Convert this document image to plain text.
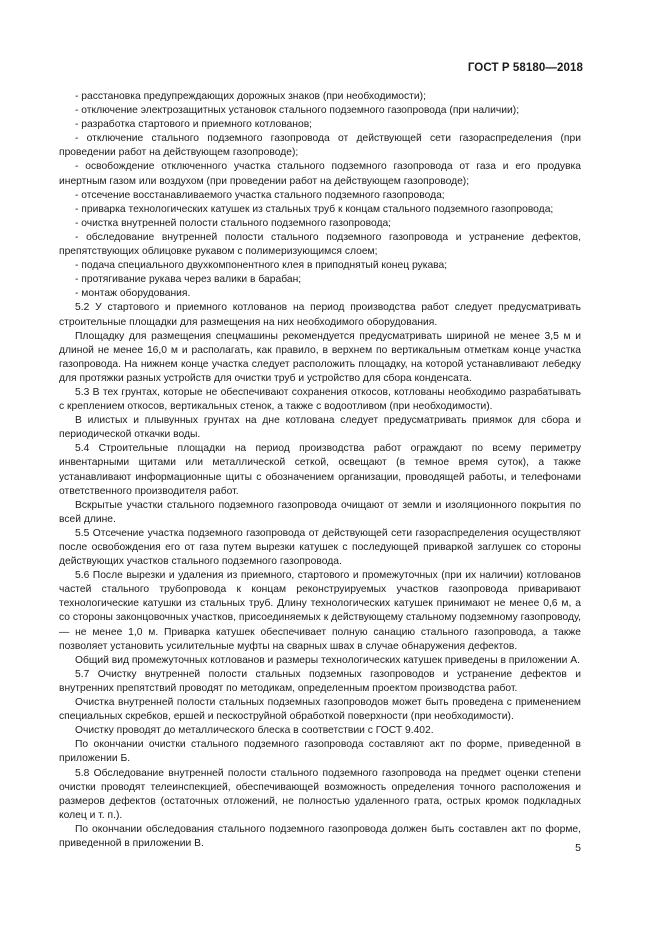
ГОСТ Р 58180—2018

- расстановка предупреждающих дорожных знаков (при необходимости);

- отключение электрозащитных установок стального подземного газопровода (при наличии);

- разработка стартового и приемного котлованов;

- отключение стального подземного газопровода от действующей сети газораспределения (при проведении работ на действующем газопроводе);

- освобождение отключенного участка стального подземного газопровода от газа и его продувка инертным газом или воздухом (при проведении работ на действующем газопроводе);

- отсечение восстанавливаемого участка стального подземного газопровода;

- приварка технологических катушек из стальных труб к концам стального подземного газопровода;

- очистка внутренней полости стального подземного газопровода;

- обследование внутренней полости стального подземного газопровода и устранение дефектов, препятствующих облицовке рукавом с полимеризующимся слоем;

- подача специального двухкомпонентного клея в приподнятый конец рукава;

- протягивание рукава через валики в барабан;

- монтаж оборудования.

5.2 У стартового и приемного котлованов на период производства работ следует предусматривать строительные площадки для размещения на них необходимого оборудования.

Площадку для размещения спецмашины рекомендуется предусматривать шириной не менее 3,5 м и длиной не менее 16,0 м и располагать, как правило, в верхнем по вертикальным отметкам конце участка газопровода. На нижнем конце участка следует расположить площадку, на которой устанавливают лебедку для протяжки разных устройств для очистки труб и устройство для сбора конденсата.

5.3 В тех грунтах, которые не обеспечивают сохранения откосов, котлованы необходимо разрабатывать с креплением откосов, вертикальных стенок, а также с водоотливом (при необходимости).

В илистых и плывунных грунтах на дне котлована следует предусматривать приямок для сбора и периодической откачки воды.

5.4 Строительные площадки на период производства работ ограждают по всему периметру инвентарными щитами или металлической сеткой, освещают (в темное время суток), а также устанавливают информационные щиты с обозначением организации, проводящей работы, и телефонами ответственного производителя работ.

Вскрытые участки стального подземного газопровода очищают от земли и изоляционного покрытия по всей длине.

5.5 Отсечение участка подземного газопровода от действующей сети газораспределения осуществляют после освобождения его от газа путем вырезки катушек с последующей приваркой заглушек со стороны действующих участков стального подземного газопровода.

5.6 После вырезки и удаления из приемного, стартового и промежуточных (при их наличии) котлованов частей стального трубопровода к концам реконструируемых участков газопровода приваривают технологические катушки из стальных труб. Длину технологических катушек принимают не менее 0,6 м, а со стороны законцовочных участков, присоединяемых к действующему стальному подземному газопроводу, — не менее 1,0 м. Приварка катушек обеспечивает полную санацию стального газопровода, а также позволяет установить усилительные муфты на сварных швах в случае обнаружения дефектов.

Общий вид промежуточных котлованов и размеры технологических катушек приведены в приложении А.

5.7 Очистку внутренней полости стальных подземных газопроводов и устранение дефектов и внутренних препятствий проводят по методикам, определенным проектом производства работ.

Очистка внутренней полости стальных подземных газопроводов может быть проведена с применением специальных скребков, ершей и пескоструйной обработкой поверхности (при необходимости).

Очистку проводят до металлического блеска в соответствии с ГОСТ 9.402.

По окончании очистки стального подземного газопровода составляют акт по форме, приведенной в приложении Б.

5.8 Обследование внутренней полости стального подземного газопровода на предмет оценки степени очистки проводят телеинспекцией, обеспечивающей возможность определения точного расположения и размеров дефектов (остаточных отложений, не полностью удаленного грата, острых кромок подкладных колец и т. п.).

По окончании обследования стального подземного газопровода должен быть составлен акт по форме, приведенной в приложении В.	5
